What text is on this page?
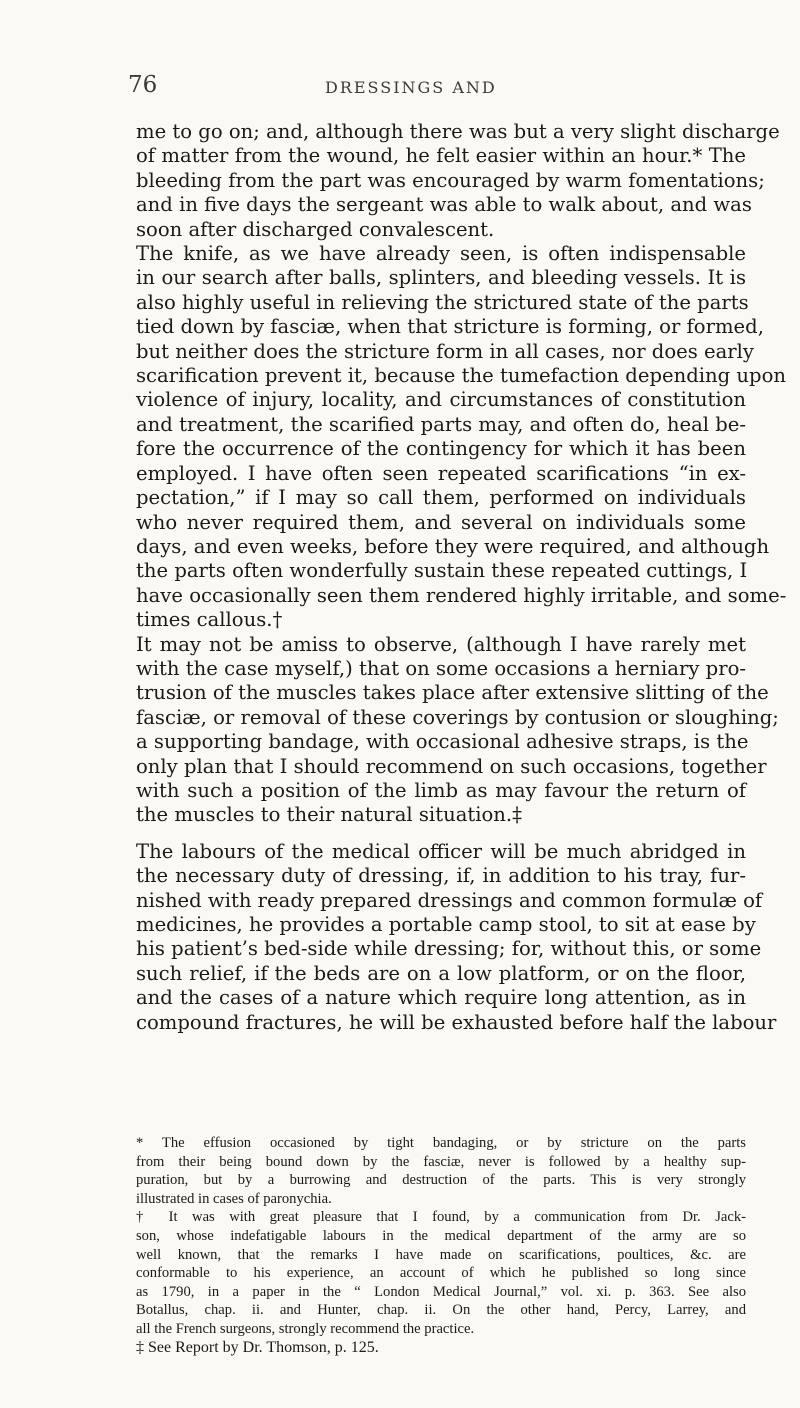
76	DRESSINGS AND
me to go on; and, although there was but a very slight discharge
of matter from the wound, he felt easier within an hour.* The
bleeding from the part was encouraged by warm fomentations;
and in five days the sergeant was able to walk about, and was
soon after discharged convalescent.
The knife, as we have already seen, is often indispensable
in our search after balls, splinters, and bleeding vessels. It is
also highly useful in relieving the strictured state of the parts
tied down by fasciæ, when that stricture is forming, or formed,
but neither does the stricture form in all cases, nor does early
scarification prevent it, because the tumefaction depending upon
violence of injury, locality, and circumstances of constitution
and treatment, the scarified parts may, and often do, heal be-
fore the occurrence of the contingency for which it has been
employed. I have often seen repeated scarifications “in ex-
pectation,” if I may so call them, performed on individuals
who never required them, and several on individuals some
days, and even weeks, before they were required, and although
the parts often wonderfully sustain these repeated cuttings, I
have occasionally seen them rendered highly irritable, and some-
times callous.†
It may not be amiss to observe, (although I have rarely met
with the case myself,) that on some occasions a herniary pro-
trusion of the muscles takes place after extensive slitting of the
fasciæ, or removal of these coverings by contusion or sloughing;
a supporting bandage, with occasional adhesive straps, is the
only plan that I should recommend on such occasions, together
with such a position of the limb as may favour the return of
the muscles to their natural situation.‡
The labours of the medical officer will be much abridged in
the necessary duty of dressing, if, in addition to his tray, fur-
nished with ready prepared dressings and common formulæ of
medicines, he provides a portable camp stool, to sit at ease by
his patient’s bed-side while dressing; for, without this, or some
such relief, if the beds are on a low platform, or on the floor,
and the cases of a nature which require long attention, as in
compound fractures, he will be exhausted before half the labour
* The effusion occasioned by tight bandaging, or by stricture on the parts
from their being bound down by the fasciæ, never is followed by a healthy sup-
puration, but by a burrowing and destruction of the parts. This is very strongly
illustrated in cases of paronychia.
† It was with great pleasure that I found, by a communication from Dr. Jack-
son, whose indefatigable labours in the medical department of the army are so
well known, that the remarks I have made on scarifications, poultices, &c. are
conformable to his experience, an account of which he published so long since
as 1790, in a paper in the “ London Medical Journal,” vol. xi. p. 363. See also
Botallus, chap. ii. and Hunter, chap. ii. On the other hand, Percy, Larrey, and
all the French surgeons, strongly recommend the practice.
‡ See Report by Dr. Thomson, p. 125.
